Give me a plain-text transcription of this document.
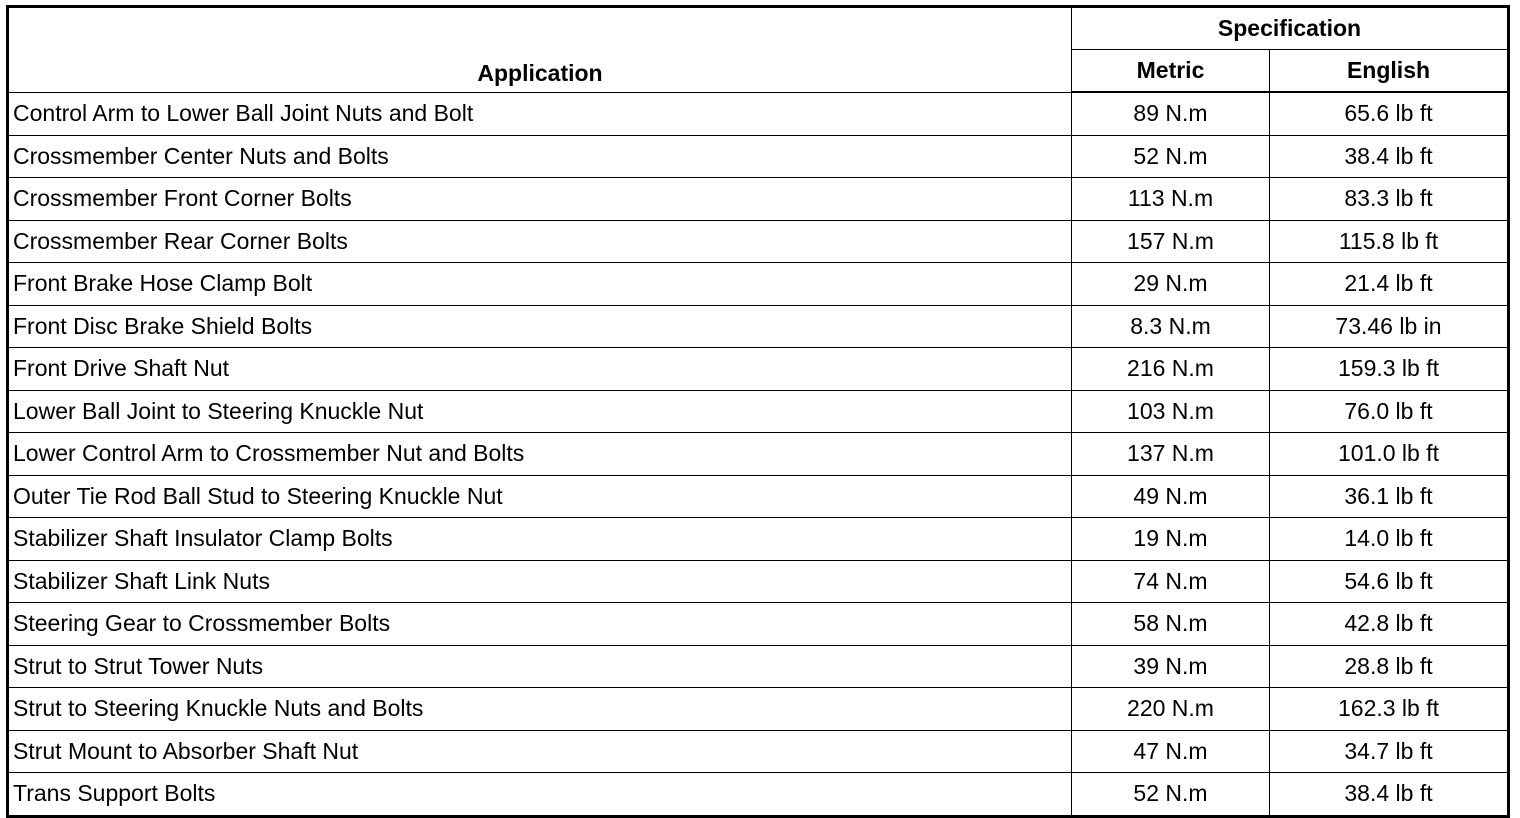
Application	Specification	
	Metric	English
Control Arm to Lower Ball Joint Nuts and Bolt	89 N.m	65.6 lb ft
Crossmember Center Nuts and Bolts	52 N.m	38.4 lb ft
Crossmember Front Corner Bolts	113 N.m	83.3 lb ft
Crossmember Rear Corner Bolts	157 N.m	115.8 lb ft
Front Brake Hose Clamp Bolt	29 N.m	21.4 lb ft
Front Disc Brake Shield Bolts	8.3 N.m	73.46 lb in
Front Drive Shaft Nut	216 N.m	159.3 lb ft
Lower Ball Joint to Steering Knuckle Nut	103 N.m	76.0 lb ft
Lower Control Arm to Crossmember Nut and Bolts	137 N.m	101.0 lb ft
Outer Tie Rod Ball Stud to Steering Knuckle Nut	49 N.m	36.1 lb ft
Stabilizer Shaft Insulator Clamp Bolts	19 N.m	14.0 lb ft
Stabilizer Shaft Link Nuts	74 N.m	54.6 lb ft
Steering Gear to Crossmember Bolts	58 N.m	42.8 lb ft
Strut to Strut Tower Nuts	39 N.m	28.8 lb ft
Strut to Steering Knuckle Nuts and Bolts	220 N.m	162.3 lb ft
Strut Mount to Absorber Shaft Nut	47 N.m	34.7 lb ft
Trans Support Bolts	52 N.m	38.4 lb ft
